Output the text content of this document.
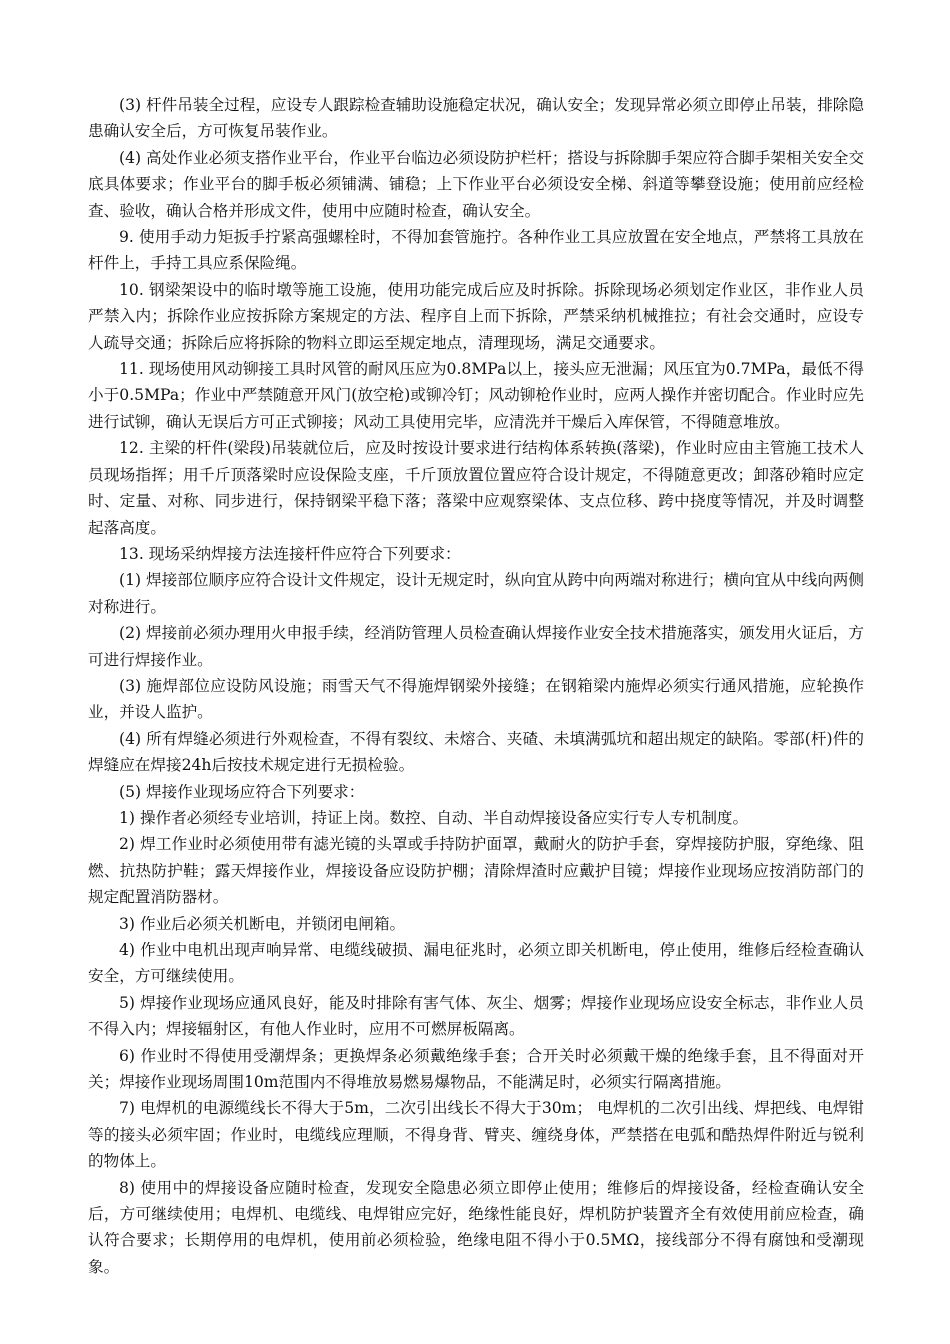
(3) 杆件吊装全过程，应设专人跟踪检查辅助设施稳定状况，确认安全；发现异常必须立即停止吊装，排除隐患确认安全后，方可恢复吊装作业。

(4) 高处作业必须支搭作业平台，作业平台临边必须设防护栏杆；搭设与拆除脚手架应符合脚手架相关安全交底具体要求；作业平台的脚手板必须铺满、铺稳；上下作业平台必须设安全梯、斜道等攀登设施；使用前应经检查、验收，确认合格并形成文件，使用中应随时检查，确认安全。

9. 使用手动力矩扳手拧紧高强螺栓时，不得加套管施拧。各种作业工具应放置在安全地点，严禁将工具放在杆件上，手持工具应系保险绳。

10. 钢梁架设中的临时墩等施工设施，使用功能完成后应及时拆除。拆除现场必须划定作业区，非作业人员严禁入内；拆除作业应按拆除方案规定的方法、程序自上而下拆除，严禁采纳机械推拉；有社会交通时，应设专人疏导交通；拆除后应将拆除的物料立即运至规定地点，清理现场，满足交通要求。

11. 现场使用风动铆接工具时风管的耐风压应为0.8MPa以上，接头应无泄漏；风压宜为0.7MPa，最低不得小于0.5MPa；作业中严禁随意开风门(放空枪)或铆冷钉；风动铆枪作业时，应两人操作并密切配合。作业时应先进行试铆，确认无误后方可正式铆接；风动工具使用完毕，应清洗并干燥后入库保管，不得随意堆放。

12. 主梁的杆件(梁段)吊装就位后，应及时按设计要求进行结构体系转换(落梁)，作业时应由主管施工技术人员现场指挥；用千斤顶落梁时应设保险支座，千斤顶放置位置应符合设计规定，不得随意更改；卸落砂箱时应定时、定量、对称、同步进行，保持钢梁平稳下落；落梁中应观察梁体、支点位移、跨中挠度等情况，并及时调整起落高度。

13. 现场采纳焊接方法连接杆件应符合下列要求：

(1) 焊接部位顺序应符合设计文件规定，设计无规定时，纵向宜从跨中向两端对称进行；横向宜从中线向两侧对称进行。

(2) 焊接前必须办理用火申报手续，经消防管理人员检查确认焊接作业安全技术措施落实，颁发用火证后，方可进行焊接作业。

(3) 施焊部位应设防风设施；雨雪天气不得施焊钢梁外接缝；在钢箱梁内施焊必须实行通风措施，应轮换作业，并设人监护。

(4) 所有焊缝必须进行外观检查，不得有裂纹、未熔合、夹碴、未填满弧坑和超出规定的缺陷。零部(杆)件的焊缝应在焊接24h后按技术规定进行无损检验。

(5) 焊接作业现场应符合下列要求：

1) 操作者必须经专业培训，持证上岗。数控、自动、半自动焊接设备应实行专人专机制度。

2) 焊工作业时必须使用带有滤光镜的头罩或手持防护面罩，戴耐火的防护手套，穿焊接防护服，穿绝缘、阻燃、抗热防护鞋；露天焊接作业，焊接设备应设防护棚；清除焊渣时应戴护目镜；焊接作业现场应按消防部门的规定配置消防器材。

3) 作业后必须关机断电，并锁闭电闸箱。

4) 作业中电机出现声响异常、电缆线破损、漏电征兆时，必须立即关机断电，停止使用，维修后经检查确认安全，方可继续使用。

5) 焊接作业现场应通风良好，能及时排除有害气体、灰尘、烟雾；焊接作业现场应设安全标志，非作业人员不得入内；焊接辐射区，有他人作业时，应用不可燃屏板隔离。

6) 作业时不得使用受潮焊条；更换焊条必须戴绝缘手套；合开关时必须戴干燥的绝缘手套，且不得面对开关；焊接作业现场周围10m范围内不得堆放易燃易爆物品，不能满足时，必须实行隔离措施。

7) 电焊机的电源缆线长不得大于5m，二次引出线长不得大于30m； 电焊机的二次引出线、焊把线、电焊钳等的接头必须牢固；作业时，电缆线应理顺，不得身背、臂夹、缠绕身体，严禁搭在电弧和酷热焊件附近与锐利的物体上。

8) 使用中的焊接设备应随时检查，发现安全隐患必须立即停止使用；维修后的焊接设备，经检查确认安全后，方可继续使用；电焊机、电缆线、电焊钳应完好，绝缘性能良好，焊机防护装置齐全有效使用前应检查，确认符合要求；长期停用的电焊机，使用前必须检验，绝缘电阻不得小于0.5MΩ，接线部分不得有腐蚀和受潮现象。
